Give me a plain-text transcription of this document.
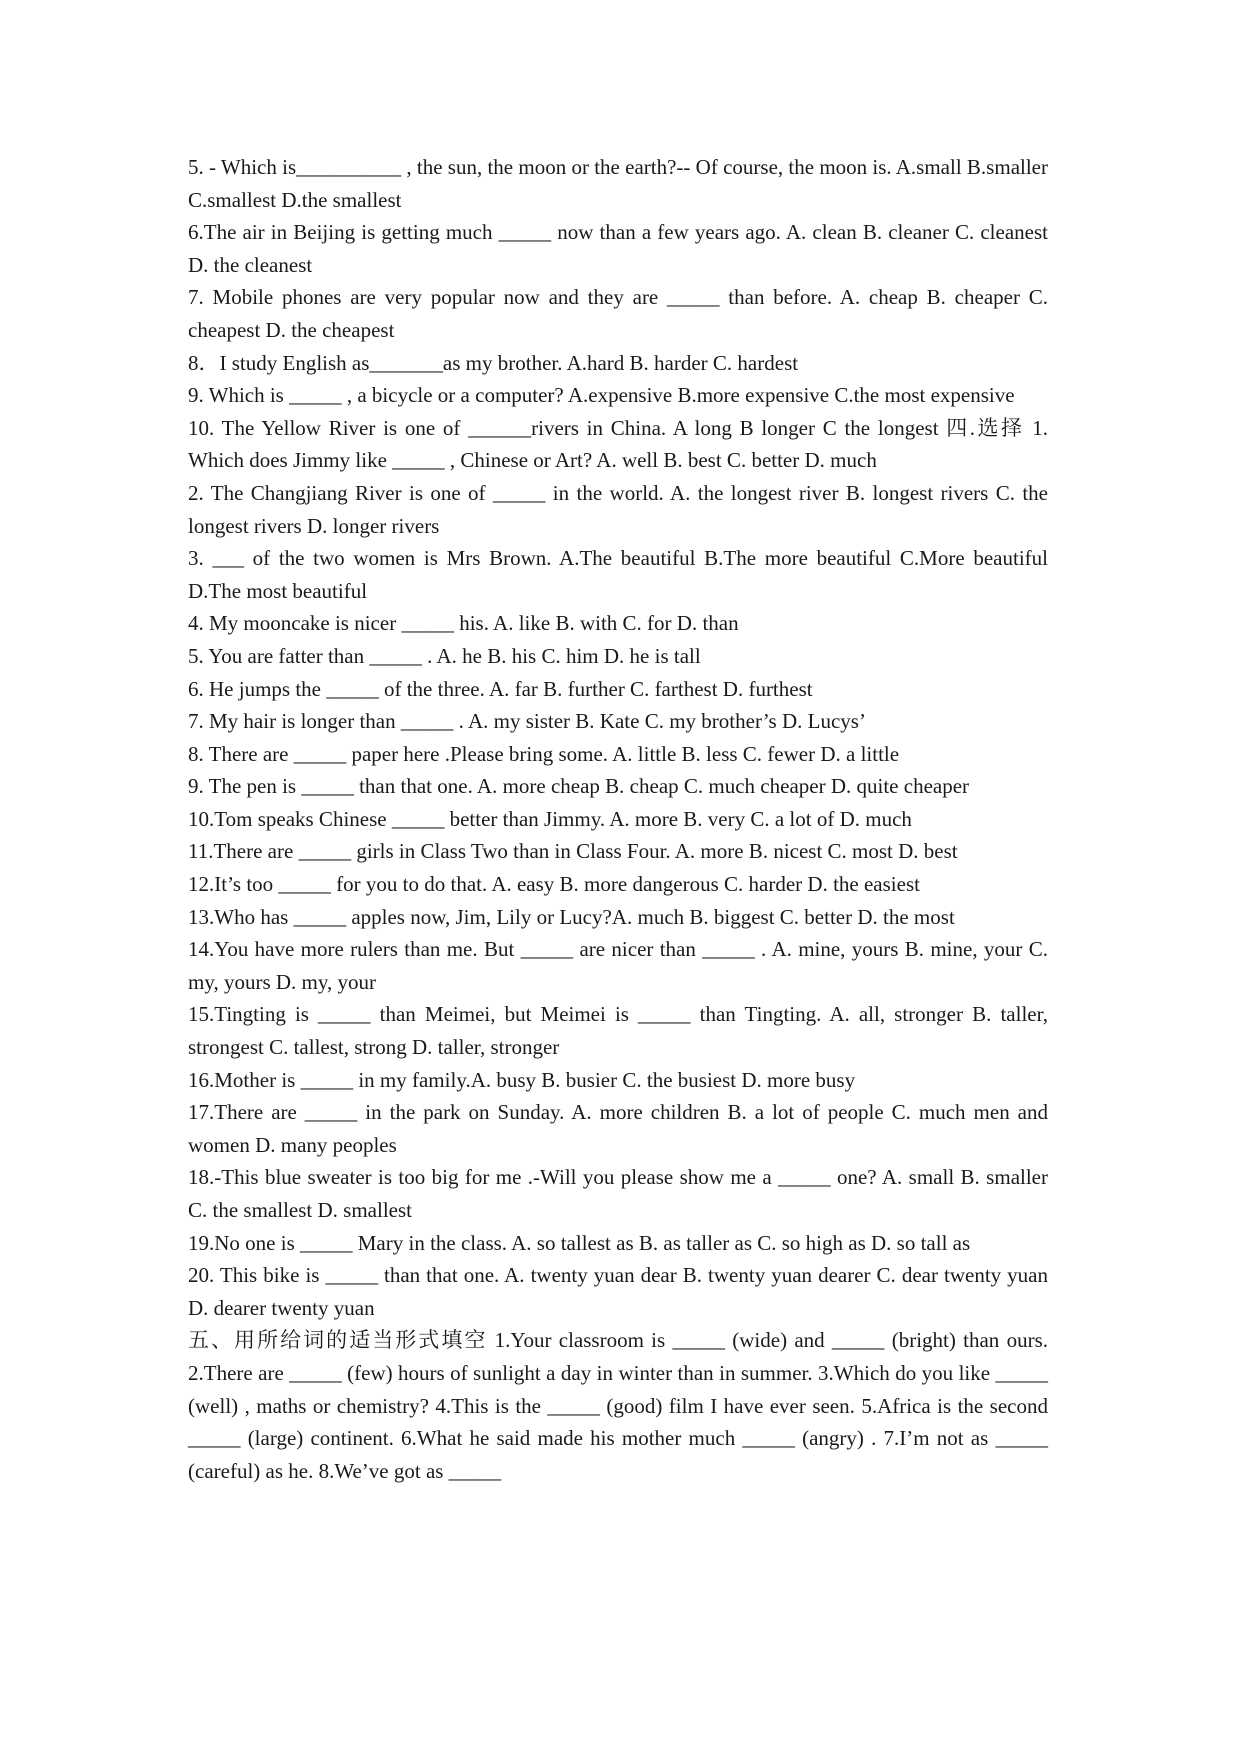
5. - Which is__________ , the sun, the moon or the earth?-- Of course, the moon is. A.small B.smaller C.smallest D.the smallest

6.The air in Beijing is getting much _____ now than a few years ago. A. clean B. cleaner C. cleanest D. the cleanest

7. Mobile phones are very popular now and they are _____ than before. A. cheap B. cheaper C. cheapest D. the cheapest

8．I study English as_______as my brother. A.hard B. harder C. hardest

9. Which is _____ , a bicycle or a computer? A.expensive B.more expensive C.the most expensive

10. The Yellow River is one of ______rivers in China. A long B longer C the longest 四.选择 1. Which does Jimmy like _____ , Chinese or Art? A. well B. best C. better D. much

2. The Changjiang River is one of _____ in the world. A. the longest river B. longest rivers C. the longest rivers D. longer rivers

3. ___ of the two women is Mrs Brown. A.The beautiful B.The more beautiful C.More beautiful D.The most beautiful

4. My mooncake is nicer _____ his. A. like B. with C. for D. than

5. You are fatter than _____ . A. he B. his C. him D. he is tall

6. He jumps the _____ of the three. A. far B. further C. farthest D. furthest

7. My hair is longer than _____ . A. my sister B. Kate C. my brother’s D. Lucys’

8. There are _____ paper here .Please bring some. A. little B. less C. fewer D. a little

9. The pen is _____ than that one. A. more cheap B. cheap C. much cheaper D. quite cheaper

10.Tom speaks Chinese _____ better than Jimmy. A. more B. very C. a lot of D. much

11.There are _____ girls in Class Two than in Class Four. A. more B. nicest C. most D. best

12.It’s too _____ for you to do that. A. easy B. more dangerous C. harder D. the easiest

13.Who has _____ apples now, Jim, Lily or Lucy?A. much B. biggest C. better D. the most

14.You have more rulers than me. But _____ are nicer than _____ . A. mine, yours B. mine, your C. my, yours D. my, your

15.Tingting is _____ than Meimei, but Meimei is _____ than Tingting. A. all, stronger B. taller, strongest C. tallest, strong D. taller, stronger

16.Mother is _____ in my family.A. busy B. busier C. the busiest D. more busy

17.There are _____ in the park on Sunday. A. more children B. a lot of people C. much men and women D. many peoples

18.-This blue sweater is too big for me .-Will you please show me a _____ one? A. small B. smaller C. the smallest D. smallest

19.No one is _____ Mary in the class. A. so tallest as B. as taller as C. so high as D. so tall as

20. This bike is _____ than that one. A. twenty yuan dear B. twenty yuan dearer C. dear twenty yuan D. dearer twenty yuan

五、用所给词的适当形式填空 1.Your classroom is _____ (wide) and _____ (bright) than ours. 2.There are _____ (few) hours of sunlight a day in winter than in summer. 3.Which do you like _____ (well) , maths or chemistry? 4.This is the _____ (good) film I have ever seen. 5.Africa is the second _____ (large) continent. 6.What he said made his mother much _____ (angry) . 7.I’m not as _____ (careful) as he. 8.We’ve got as _____
